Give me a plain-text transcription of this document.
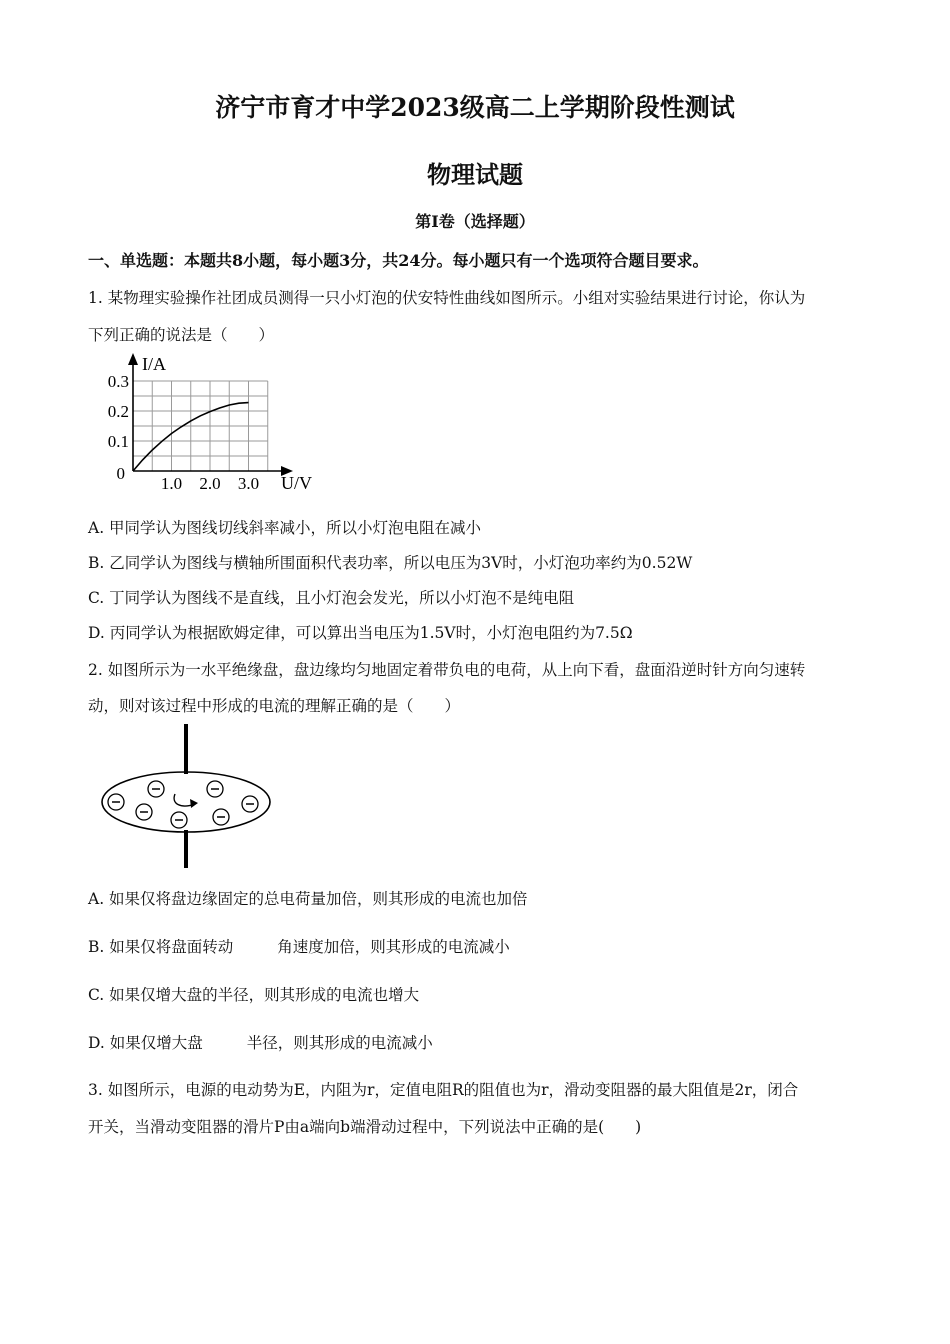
济宁市育才中学2023级高二上学期阶段性测试
物理试题
第I卷（选择题）
一、单选题：本题共8小题，每小题3分，共24分。每小题只有一个选项符合题目要求。
1. 某物理实验操作社团成员测得一只小灯泡的伏安特性曲线如图所示。小组对实验结果进行讨论，你认为
下列正确的说法是（　　）
I/A
U/V
0
1.0 2.0 3.0
0.1
0.2
0.3
A. 甲同学认为图线切线斜率减小，所以小灯泡电阻在减小
B. 乙同学认为图线与横轴所围面积代表功率，所以电压为3V时，小灯泡功率约为0.52W
C. 丁同学认为图线不是直线，且小灯泡会发光，所以小灯泡不是纯电阻
D. 丙同学认为根据欧姆定律，可以算出当电压为1.5V时，小灯泡电阻约为7.5Ω
2. 如图所示为一水平绝缘盘，盘边缘均匀地固定着带负电的电荷，从上向下看，盘面沿逆时针方向匀速转
动，则对该过程中形成的电流的理解正确的是（　　）
A. 如果仅将盘边缘固定的总电荷量加倍，则其形成的电流也加倍
B. 如果仅将盘面转动	角速度加倍，则其形成的电流减小
C. 如果仅增大盘的半径，则其形成的电流也增大
D. 如果仅增大盘	半径，则其形成的电流减小
3. 如图所示，电源的电动势为E，内阻为r，定值电阻R的阻值也为r，滑动变阻器的最大阻值是2r，闭合
开关，当滑动变阻器的滑片P由a端向b端滑动过程中，下列说法中正确的是(　　)
